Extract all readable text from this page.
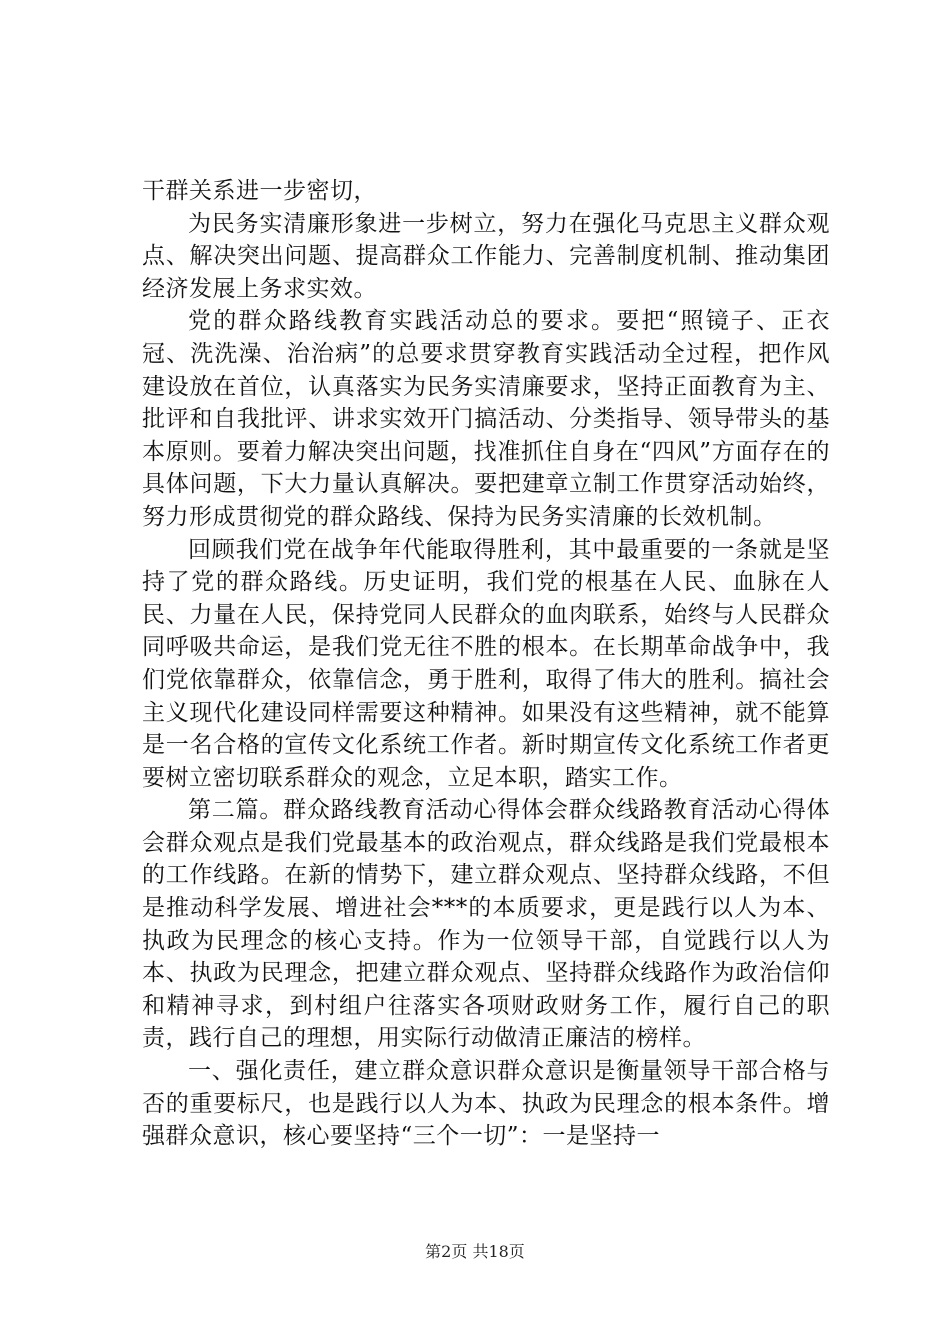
干群关系进一步密切，

为民务实清廉形象进一步树立，努力在强化马克思主义群众观点、解决突出问题、提高群众工作能力、完善制度机制、推动集团经济发展上务求实效。

党的群众路线教育实践活动总的要求。要把“照镜子、正衣冠、洗洗澡、治治病”的总要求贯穿教育实践活动全过程，把作风建设放在首位，认真落实为民务实清廉要求，坚持正面教育为主、批评和自我批评、讲求实效开门搞活动、分类指导、领导带头的基本原则。要着力解决突出问题，找准抓住自身在“四风”方面存在的具体问题，下大力量认真解决。要把建章立制工作贯穿活动始终，努力形成贯彻党的群众路线、保持为民务实清廉的长效机制。

回顾我们党在战争年代能取得胜利，其中最重要的一条就是坚持了党的群众路线。历史证明，我们党的根基在人民、血脉在人民、力量在人民，保持党同人民群众的血肉联系，始终与人民群众同呼吸共命运，是我们党无往不胜的根本。在长期革命战争中，我们党依靠群众，依靠信念，勇于胜利，取得了伟大的胜利。搞社会主义现代化建设同样需要这种精神。如果没有这些精神，就不能算是一名合格的宣传文化系统工作者。新时期宣传文化系统工作者更要树立密切联系群众的观念，立足本职，踏实工作。

第二篇。群众路线教育活动心得体会群众线路教育活动心得体会群众观点是我们党最基本的政治观点，群众线路是我们党最根本的工作线路。在新的情势下，建立群众观点、坚持群众线路，不但是推动科学发展、增进社会***的本质要求，更是践行以人为本、执政为民理念的核心支持。作为一位领导干部，自觉践行以人为本、执政为民理念，把建立群众观点、坚持群众线路作为政治信仰和精神寻求，到村组户往落实各项财政财务工作，履行自己的职责，践行自己的理想，用实际行动做清正廉洁的榜样。

一、强化责任，建立群众意识群众意识是衡量领导干部合格与否的重要标尺，也是践行以人为本、执政为民理念的根本条件。增强群众意识，核心要坚持“三个一切”：一是坚持一

第2页 共18页
